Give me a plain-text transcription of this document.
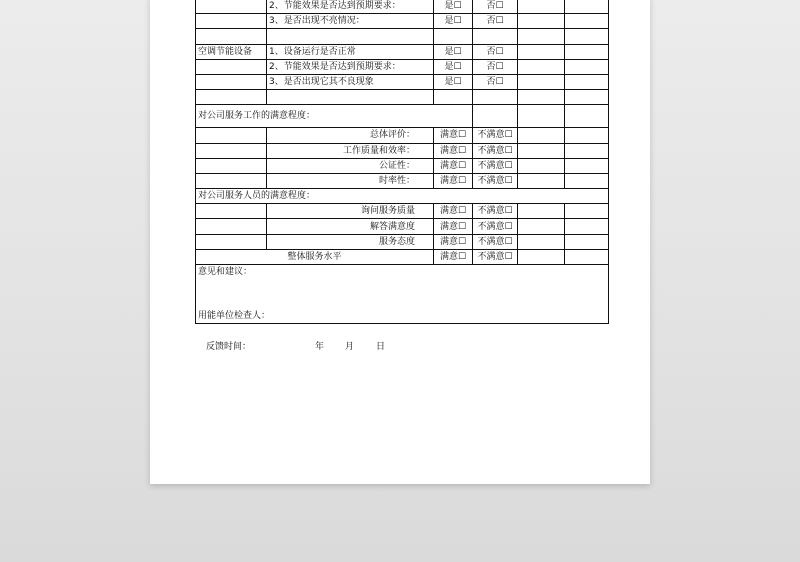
	2、节能效果是否达到预期要求：	是☐	否☐		
	3、是否出现不亮情况：	是☐	否☐		

空调节能设备	1、设备运行是否正常	是☐	否☐		
	2、节能效果是否达到预期要求：	是☐	否☐		
	3、是否出现它其不良现象	是☐	否☐		

对公司服务工作的满意程度：					
	总体评价：	满意☐	不满意☐		
	工作质量和效率：	满意☐	不满意☐		
	公证性：	满意☐	不满意☐		
	时率性：	满意☐	不满意☐		
对公司服务人员的满意程度：					
	询问服务质量	满意☐	不满意☐		
	解答满意度	满意☐	不满意☐		
	服务态度	满意☐	不满意☐		
整体服务水平		满意☐	不满意☐		

意见和建议：
用能单位检查人：					
反馈时间：	年 月 日
